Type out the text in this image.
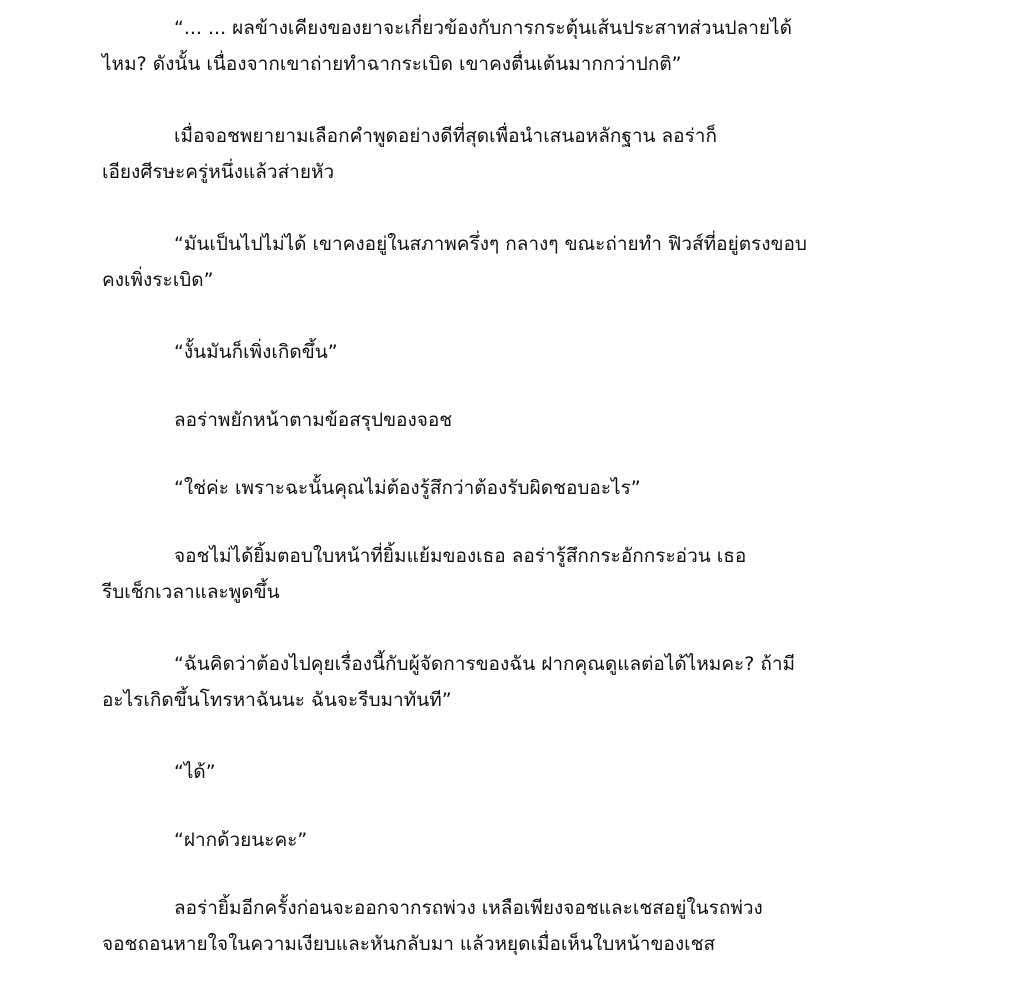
“... ... ผลข้างเคียงของยาจะเกี่ยวข้องกับการกระตุ้นเส้นประสาทส่วนปลายได้
ไหม? ดังนั้น เนื่องจากเขาถ่ายทำฉากระเบิด เขาคงตื่นเต้นมากกว่าปกติ”

เมื่อจอชพยายามเลือกคำพูดอย่างดีที่สุดเพื่อนำเสนอหลักฐาน ลอร่าก็
เอียงศีรษะครู่หนึ่งแล้วส่ายหัว

“มันเป็นไปไม่ได้ เขาคงอยู่ในสภาพครึ่งๆ กลางๆ ขณะถ่ายทำ ฟิวส์ที่อยู่ตรงขอบ
คงเพิ่งระเบิด”

“งั้นมันก็เพิ่งเกิดขึ้น”

ลอร่าพยักหน้าตามข้อสรุปของจอช

“ใช่ค่ะ เพราะฉะนั้นคุณไม่ต้องรู้สึกว่าต้องรับผิดชอบอะไร”

จอชไม่ได้ยิ้มตอบใบหน้าที่ยิ้มแย้มของเธอ ลอร่ารู้สึกกระอักกระอ่วน เธอ
รีบเช็กเวลาและพูดขึ้น

“ฉันคิดว่าต้องไปคุยเรื่องนี้กับผู้จัดการของฉัน ฝากคุณดูแลต่อได้ไหมคะ? ถ้ามี
อะไรเกิดขึ้นโทรหาฉันนะ ฉันจะรีบมาทันที”

“ได้”

“ฝากด้วยนะคะ”

ลอร่ายิ้มอีกครั้งก่อนจะออกจากรถพ่วง เหลือเพียงจอชและเชสอยู่ในรถพ่วง
จอชถอนหายใจในความเงียบและหันกลับมา แล้วหยุดเมื่อเห็นใบหน้าของเชส
